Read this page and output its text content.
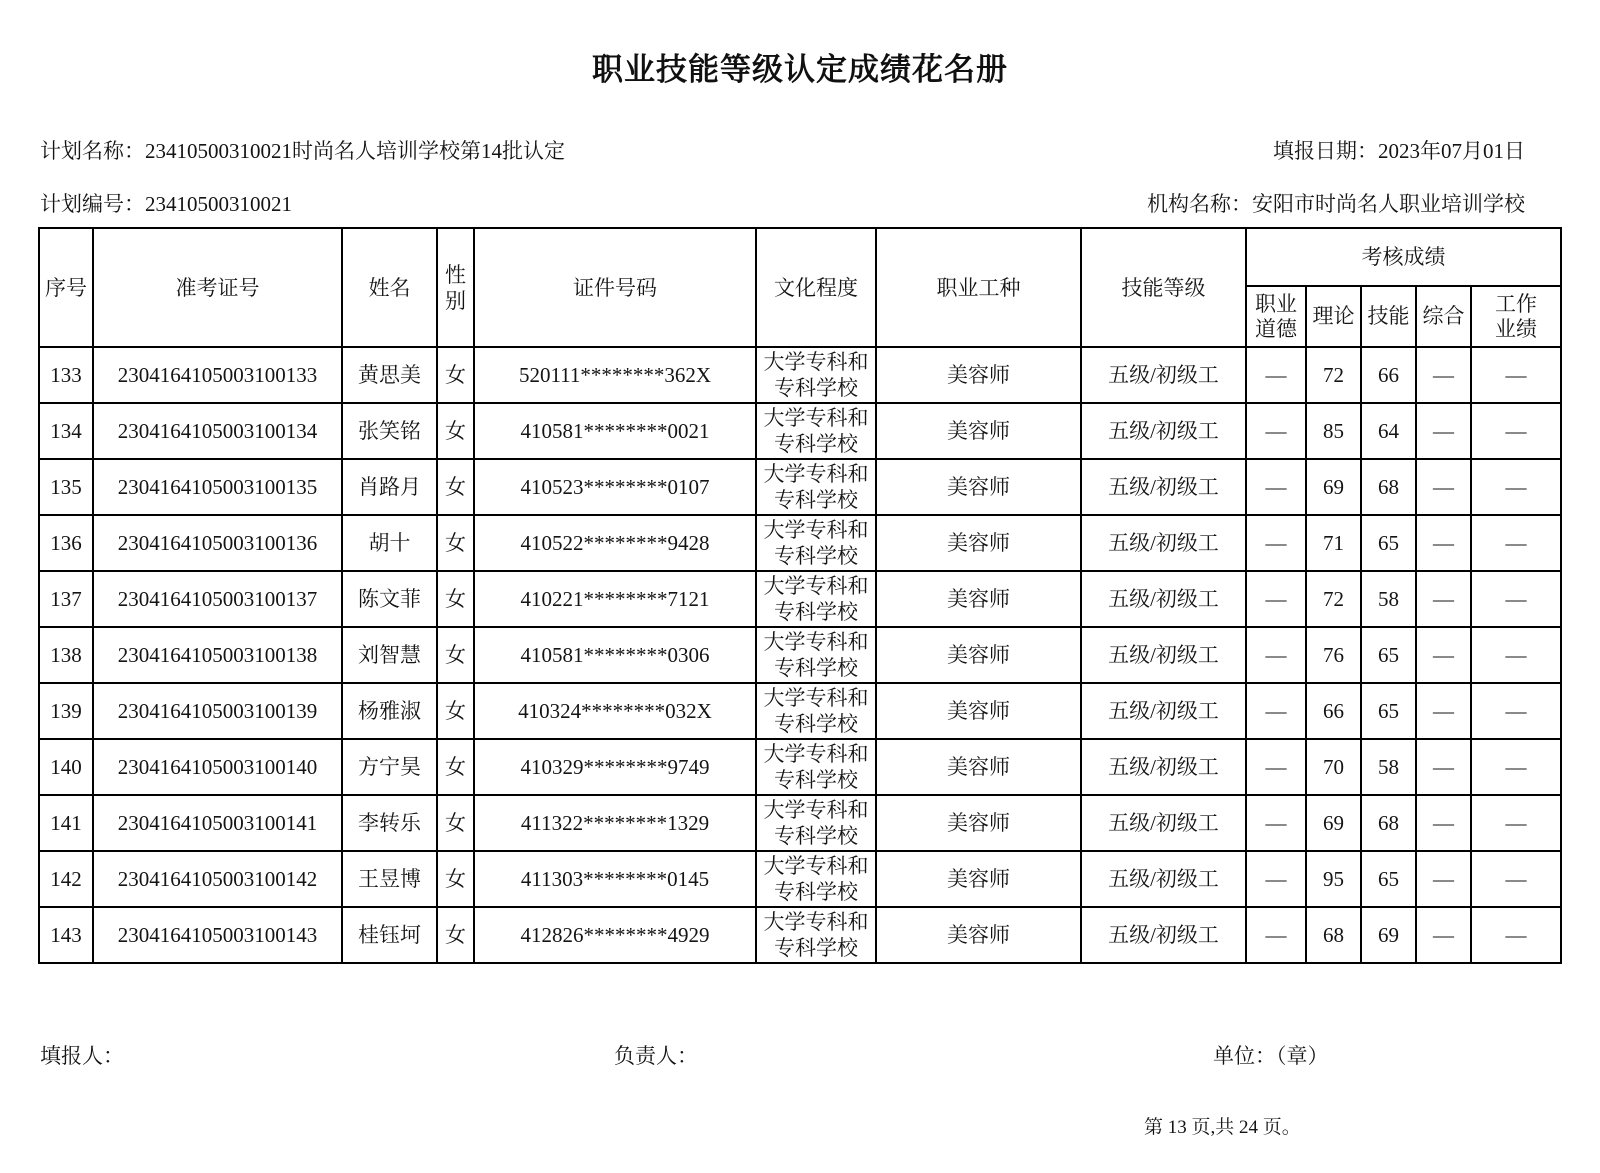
职业技能等级认定成绩花名册
计划名称：23410500310021时尚名人培训学校第14批认定	填报日期：2023年07月01日
计划编号：23410500310021	机构名称：安阳市时尚名人职业培训学校
序号	准考证号	姓名	性别	证件号码	文化程度	职业工种	技能等级	考核成绩				
								职业道德	理论	技能	综合	工作业绩
133	2304164105003100133	黄思美	女	520111********362X	大学专科和专科学校	美容师	五级/初级工	—	72	66	—	—
134	2304164105003100134	张笑铭	女	410581********0021	大学专科和专科学校	美容师	五级/初级工	—	85	64	—	—
135	2304164105003100135	肖路月	女	410523********0107	大学专科和专科学校	美容师	五级/初级工	—	69	68	—	—
136	2304164105003100136	胡十	女	410522********9428	大学专科和专科学校	美容师	五级/初级工	—	71	65	—	—
137	2304164105003100137	陈文菲	女	410221********7121	大学专科和专科学校	美容师	五级/初级工	—	72	58	—	—
138	2304164105003100138	刘智慧	女	410581********0306	大学专科和专科学校	美容师	五级/初级工	—	76	65	—	—
139	2304164105003100139	杨雅淑	女	410324********032X	大学专科和专科学校	美容师	五级/初级工	—	66	65	—	—
140	2304164105003100140	方宁昊	女	410329********9749	大学专科和专科学校	美容师	五级/初级工	—	70	58	—	—
141	2304164105003100141	李转乐	女	411322********1329	大学专科和专科学校	美容师	五级/初级工	—	69	68	—	—
142	2304164105003100142	王昱博	女	411303********0145	大学专科和专科学校	美容师	五级/初级工	—	95	65	—	—
143	2304164105003100143	桂钰坷	女	412826********4929	大学专科和专科学校	美容师	五级/初级工	—	68	69	—	—
填报人：	负责人：	单位：（章）
第 13 页,共 24 页。
